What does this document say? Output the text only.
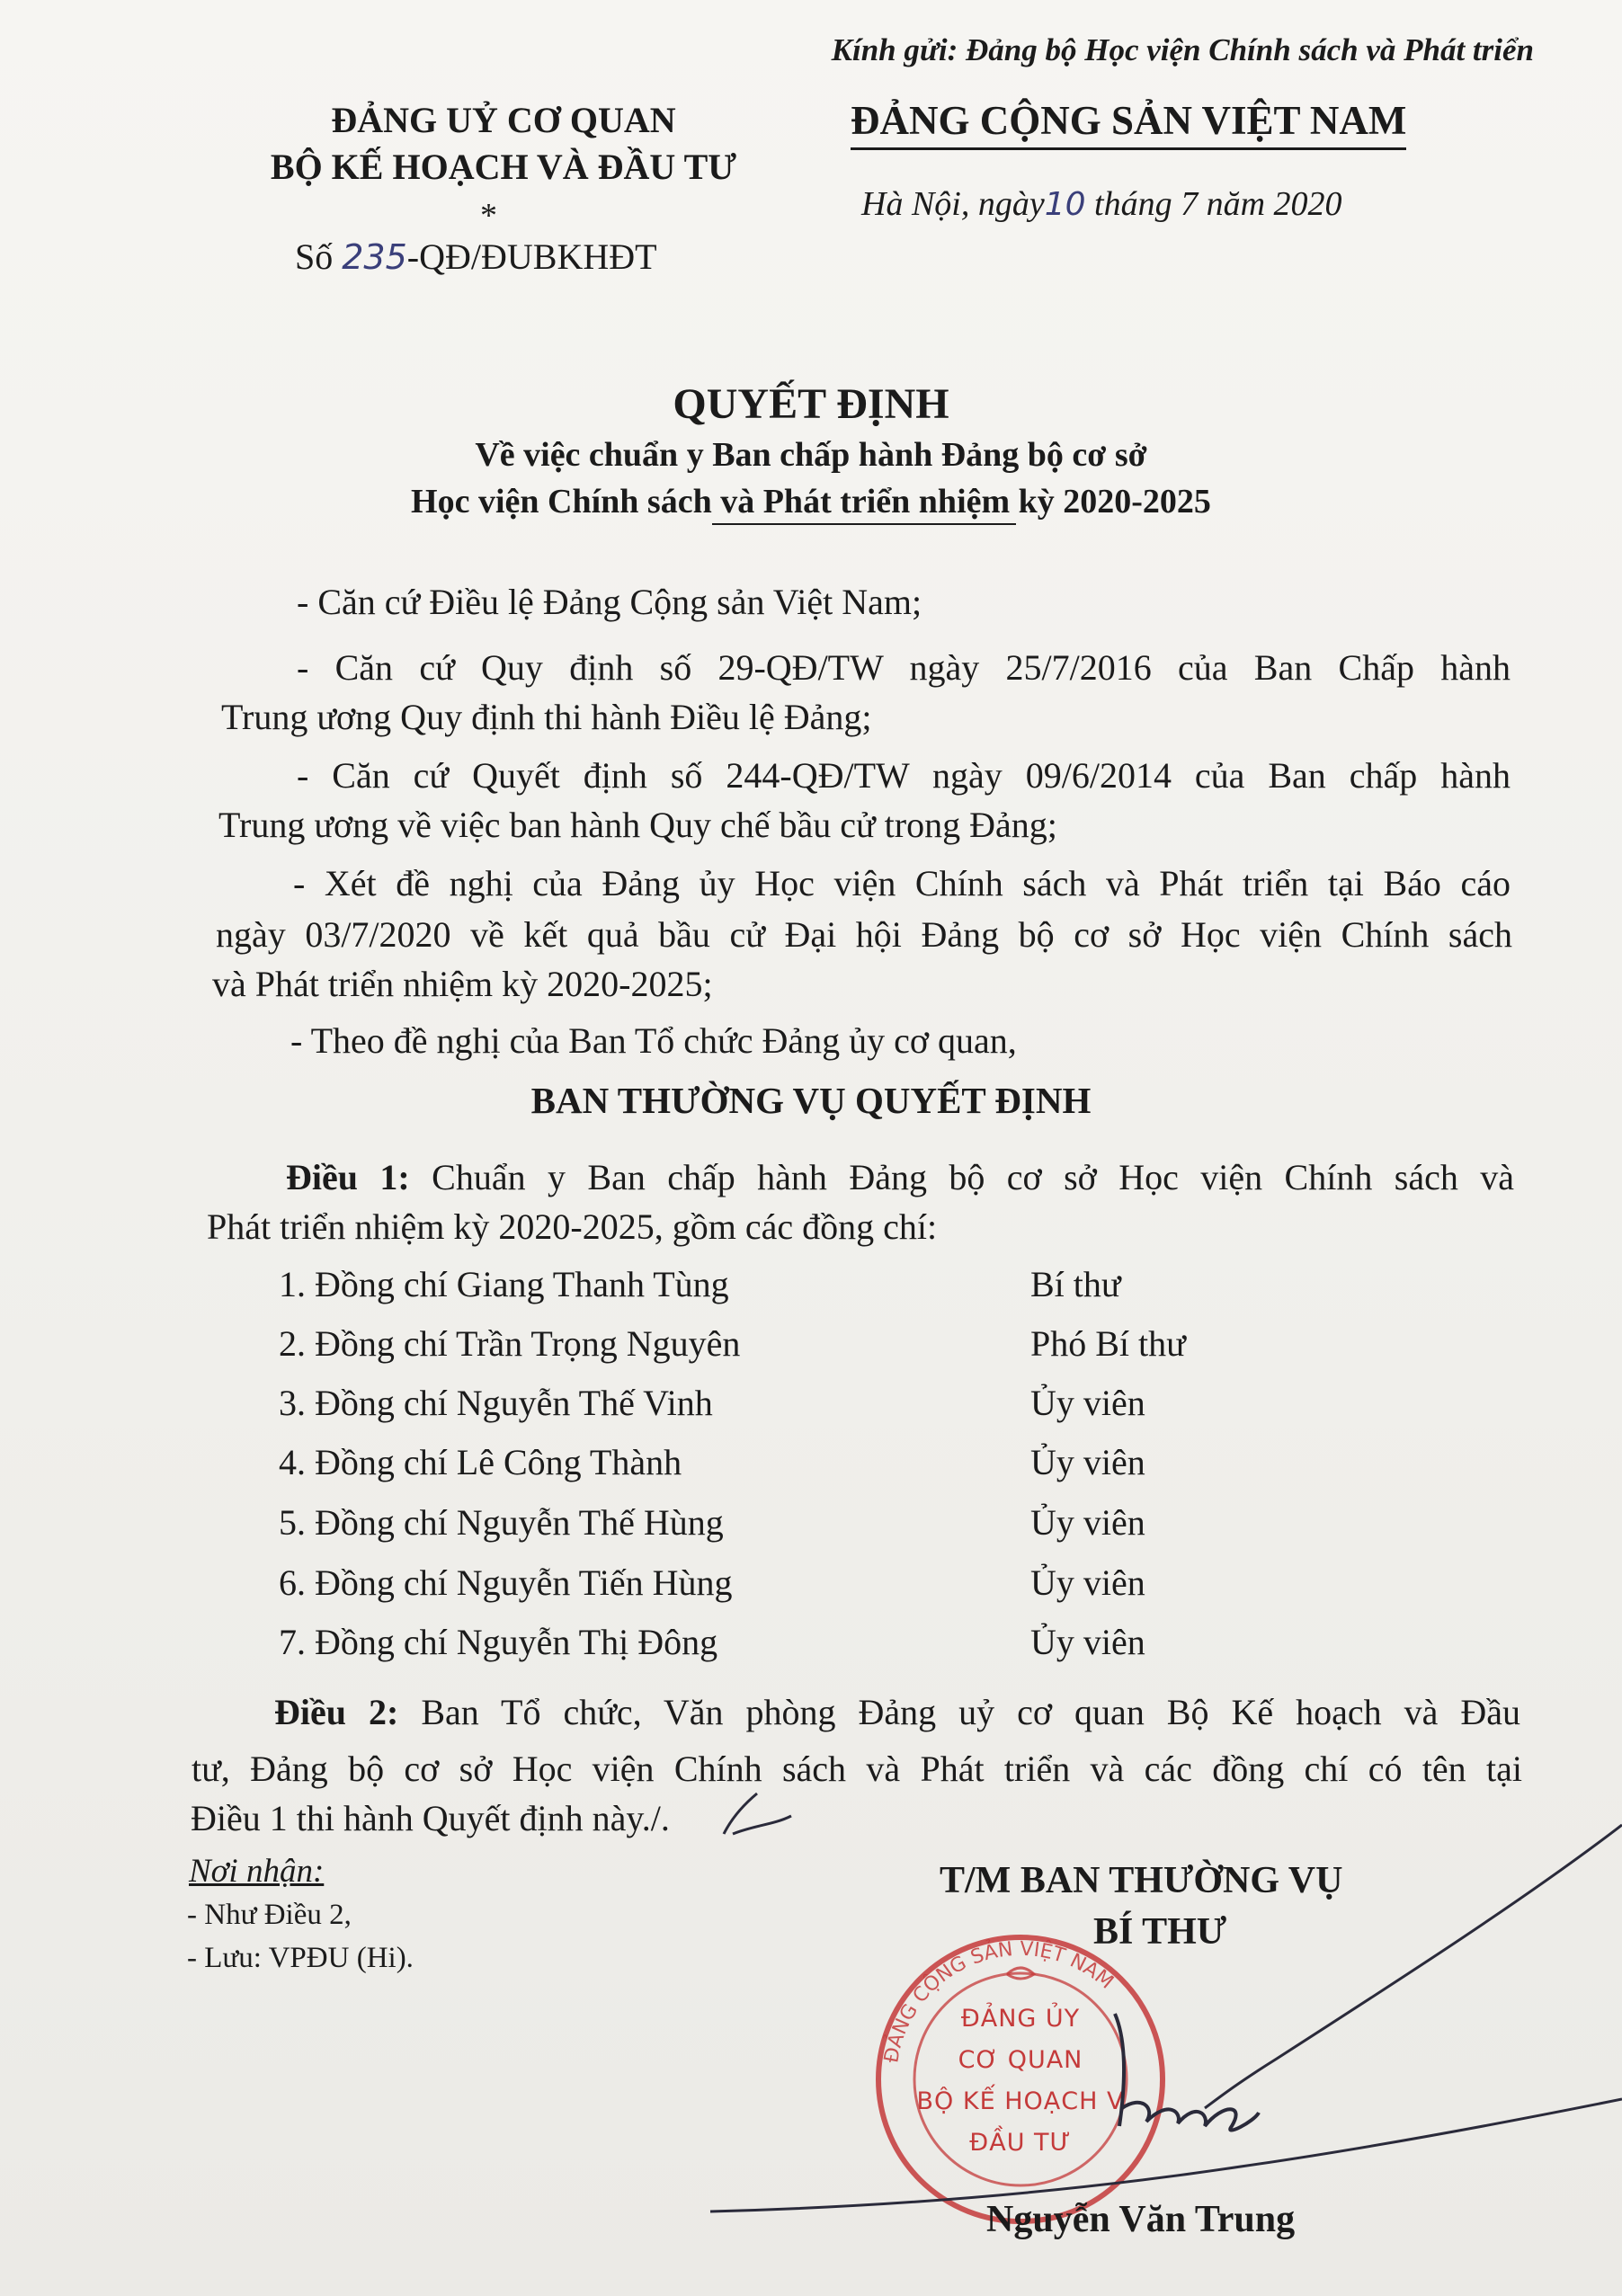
Kính gửi: Đảng bộ Học viện Chính sách và Phát triển
ĐẢNG UỶ CƠ QUAN
BỘ KẾ HOẠCH VÀ ĐẦU TƯ
*
Số 235-QĐ/ĐUBKHĐT
ĐẢNG CỘNG SẢN VIỆT NAM
Hà Nội, ngày10 tháng 7 năm 2020
QUYẾT ĐỊNH
Về việc chuẩn y Ban chấp hành Đảng bộ cơ sở
Học viện Chính sách và Phát triển nhiệm kỳ 2020-2025
- Căn cứ Điều lệ Đảng Cộng sản Việt Nam;
- Căn cứ Quy định số 29-QĐ/TW ngày 25/7/2016 của Ban Chấp hành
Trung ương Quy định thi hành Điều lệ Đảng;
- Căn cứ Quyết định số 244-QĐ/TW ngày 09/6/2014 của Ban chấp hành
Trung ương về việc ban hành Quy chế bầu cử trong Đảng;
- Xét đề nghị của Đảng ủy Học viện Chính sách và Phát triển tại Báo cáo
ngày 03/7/2020 về kết quả bầu cử Đại hội Đảng bộ cơ sở Học viện Chính sách
và Phát triển nhiệm kỳ 2020-2025;
- Theo đề nghị của Ban Tổ chức Đảng ủy cơ quan,
BAN THƯỜNG VỤ QUYẾT ĐỊNH
Điều 1: Chuẩn y Ban chấp hành Đảng bộ cơ sở Học viện Chính sách và
Phát triển nhiệm kỳ 2020-2025, gồm các đồng chí:
1. Đồng chí Giang Thanh Tùng	Bí thư
2. Đồng chí Trần Trọng Nguyên	Phó Bí thư
3. Đồng chí Nguyễn Thế Vinh	Ủy viên
4. Đồng chí Lê Công Thành	Ủy viên
5. Đồng chí Nguyễn Thế Hùng	Ủy viên
6. Đồng chí Nguyễn Tiến Hùng	Ủy viên
7. Đồng chí Nguyễn Thị Đông	Ủy viên
Điều 2: Ban Tổ chức, Văn phòng Đảng uỷ cơ quan Bộ Kế hoạch và Đầu
tư, Đảng bộ cơ sở Học viện Chính sách và Phát triển và các đồng chí có tên tại
Điều 1 thi hành Quyết định này./.
Nơi nhận:
- Như Điều 2,
- Lưu: VPĐU (Hi).
T/M BAN THƯỜNG VỤ
BÍ THƯ
ĐẢNG CỘNG SẢN VIỆT NAM
ĐẢNG ỦY
CƠ QUAN
BỘ KẾ HOẠCH V
ĐẦU TƯ
Nguyễn Văn Trung
